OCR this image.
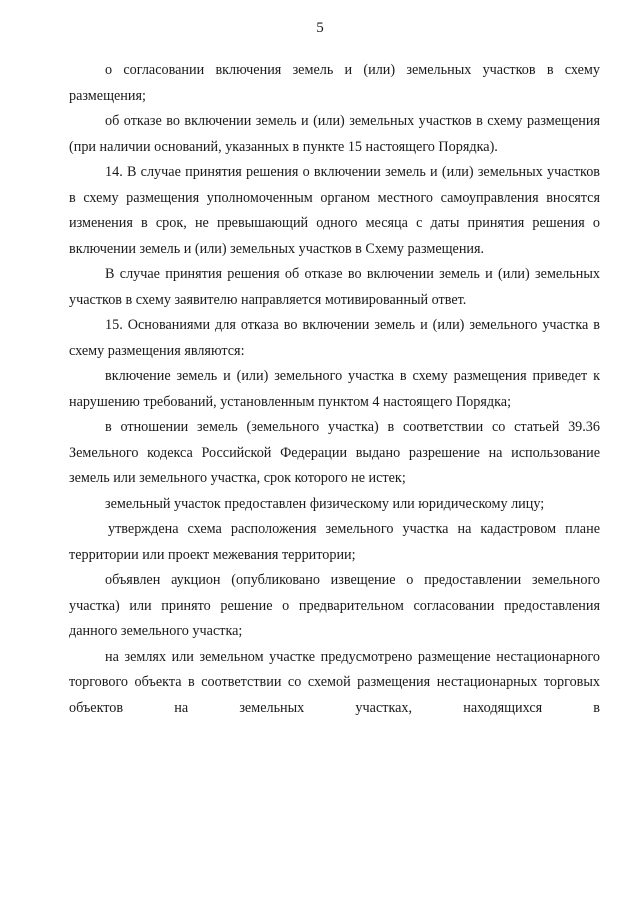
5

о согласовании включения земель и (или) земельных участков в схему размещения;

об отказе во включении земель и (или) земельных участков в схему размещения (при наличии оснований, указанных в пункте 15 настоящего Порядка).

14. В случае принятия решения о включении земель и (или) земельных участков в схему размещения уполномоченным органом местного самоуправления вносятся изменения в срок, не превышающий одного месяца с даты принятия решения о включении земель и (или) земельных участков в Схему размещения.

В случае принятия решения об отказе во включении земель и (или) земельных участков в схему заявителю направляется мотивированный ответ.

15. Основаниями для отказа во включении земель и (или) земельного участка в схему размещения являются:

включение земель и (или) земельного участка в схему размещения приведет к нарушению требований, установленным пунктом 4 настоящего Порядка;

в отношении земель (земельного участка) в соответствии со статьей 39.36 Земельного кодекса Российской Федерации выдано разрешение на использование земель или земельного участка, срок которого не истек;

земельный участок предоставлен физическому или юридическому лицу;

утверждена схема расположения земельного участка на кадастровом плане территории или проект межевания территории;

объявлен аукцион (опубликовано извещение о предоставлении земельного участка) или принято решение о предварительном согласовании предоставления данного земельного участка;

на землях или земельном участке предусмотрено размещение нестационарного торгового объекта в соответствии со схемой размещения нестационарных торговых объектов на земельных участках, находящихся в
